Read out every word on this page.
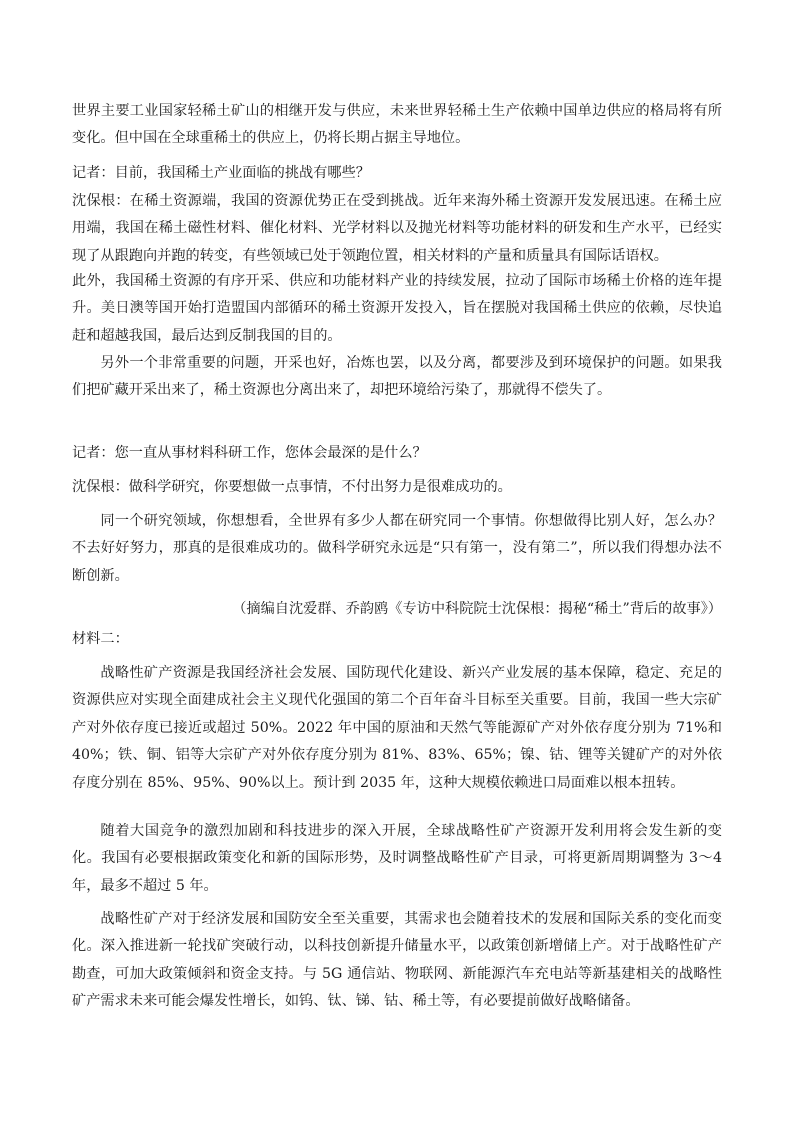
世界主要工业国家轻稀土矿山的相继开发与供应，未来世界轻稀土生产依赖中国单边供应的格局将有所变化。但中国在全球重稀土的供应上，仍将长期占据主导地位。

记者：目前，我国稀土产业面临的挑战有哪些？

沈保根：在稀土资源端，我国的资源优势正在受到挑战。近年来海外稀土资源开发发展迅速。在稀土应用端，我国在稀土磁性材料、催化材料、光学材料以及抛光材料等功能材料的研发和生产水平，已经实现了从跟跑向并跑的转变，有些领域已处于领跑位置，相关材料的产量和质量具有国际话语权。

此外，我国稀土资源的有序开采、供应和功能材料产业的持续发展，拉动了国际市场稀土价格的连年提升。美日澳等国开始打造盟国内部循环的稀土资源开发投入，旨在摆脱对我国稀土供应的依赖，尽快追赶和超越我国，最后达到反制我国的目的。

另外一个非常重要的问题，开采也好，冶炼也罢，以及分离，都要涉及到环境保护的问题。如果我们把矿藏开采出来了，稀土资源也分离出来了，却把环境给污染了，那就得不偿失了。

记者：您一直从事材料科研工作，您体会最深的是什么？

沈保根：做科学研究，你要想做一点事情，不付出努力是很难成功的。

同一个研究领域，你想想看，全世界有多少人都在研究同一个事情。你想做得比别人好，怎么办？不去好好努力，那真的是很难成功的。做科学研究永远是“只有第一，没有第二”，所以我们得想办法不断创新。

（摘编自沈爱群、乔韵鸥《专访中科院院士沈保根：揭秘“稀土”背后的故事》）

材料二：

战略性矿产资源是我国经济社会发展、国防现代化建设、新兴产业发展的基本保障，稳定、充足的资源供应对实现全面建成社会主义现代化强国的第二个百年奋斗目标至关重要。目前，我国一些大宗矿产对外依存度已接近或超过 50%。2022 年中国的原油和天然气等能源矿产对外依存度分别为 71%和 40%；铁、铜、铝等大宗矿产对外依存度分别为 81%、83%、65%；镍、钴、锂等关键矿产的对外依存度分别在 85%、95%、90%以上。预计到 2035 年，这种大规模依赖进口局面难以根本扭转。

随着大国竞争的激烈加剧和科技进步的深入开展，全球战略性矿产资源开发利用将会发生新的变化。我国有必要根据政策变化和新的国际形势，及时调整战略性矿产目录，可将更新周期调整为 3～4 年，最多不超过 5 年。

战略性矿产对于经济发展和国防安全至关重要，其需求也会随着技术的发展和国际关系的变化而变化。深入推进新一轮找矿突破行动，以科技创新提升储量水平，以政策创新增储上产。对于战略性矿产勘查，可加大政策倾斜和资金支持。与 5G 通信站、物联网、新能源汽车充电站等新基建相关的战略性矿产需求未来可能会爆发性增长，如钨、钛、锑、钴、稀土等，有必要提前做好战略储备。
